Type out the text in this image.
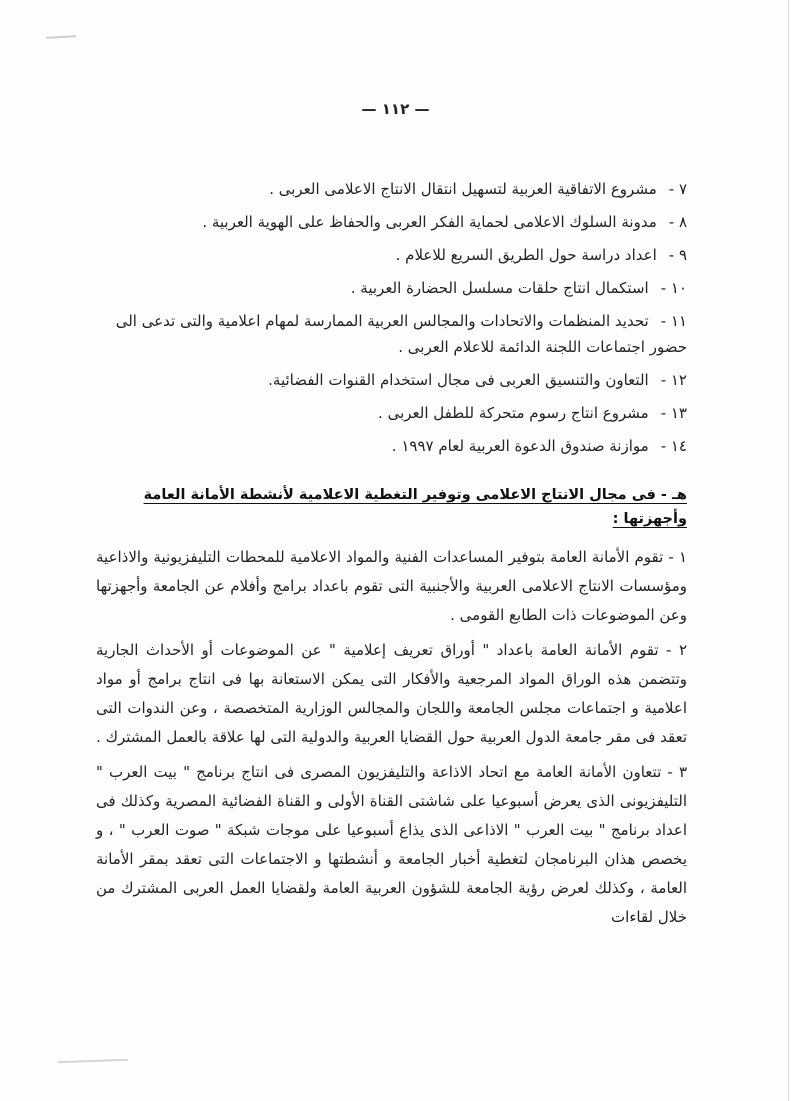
— ١١٢ —
٧ -مشروع الاتفاقية العربية لتسهيل انتقال الانتاج الاعلامى العربى .
٨ -مدونة السلوك الاعلامى لحماية الفكر العربى والحفاظ على الهوية العربية .
٩ -اعداد دراسة حول الطريق السريع للاعلام .
١٠ -استكمال انتاج حلقات مسلسل الحضارة العربية .
١١ -تحديد المنظمات والاتحادات والمجالس العربية الممارسة لمهام اعلامية والتى تدعى الى حضور اجتماعات اللجنة الدائمة للاعلام العربى .
١٢ -التعاون والتنسيق العربى فى مجال استخدام القنوات الفضائية.
١٣ -مشروع انتاج رسوم متحركة للطفل العربى .
١٤ -موازنة صندوق الدعوة العربية لعام ١٩٩٧ .
هـ - فى مجال الانتاج الاعلامى وتوفير التغطية الاعلامية لأنشطة الأمانة العامة وأجهزتها :

١ - تقوم الأمانة العامة بتوفير المساعدات الفنية والمواد الاعلامية للمحطات التليفزيونية والاذاعية ومؤسسات الانتاج الاعلامى العربية والأجنبية التى تقوم باعداد برامج وأفلام عن الجامعة وأجهزتها وعن الموضوعات ذات الطابع القومى .

٢ - تقوم الأمانة العامة باعداد " أوراق تعريف إعلامية " عن الموضوعات أو الأحداث الجارية وتتضمن هذه الوراق المواد المرجعية والأفكار التى يمكن الاستعانة بها فى انتاج برامج أو مواد اعلامية و اجتماعات مجلس الجامعة واللجان والمجالس الوزارية المتخصصة ، وعن الندوات التى تعقد فى مقر جامعة الدول العربية حول القضايا العربية والدولية التى لها علاقة بالعمل المشترك .

٣ - تتعاون الأمانة العامة مع اتحاد الاذاعة والتليفزيون المصرى فى انتاج برنامج " بيت العرب " التليفزيونى الذى يعرض أسبوعيا على شاشتى القناة الأولى و القناة الفضائية المصرية وكذلك فى اعداد برنامج " بيت العرب " الاذاعى الذى يذاع أسبوعيا على موجات شبكة " صوت العرب " ، و يخصص هذان البرنامجان لتغطية أخبار الجامعة و أنشطتها و الاجتماعات التى تعقد بمقر الأمانة العامة ، وكذلك لعرض رؤية الجامعة للشؤون العربية العامة ولقضايا العمل العربى المشترك من خلال لقاءات
